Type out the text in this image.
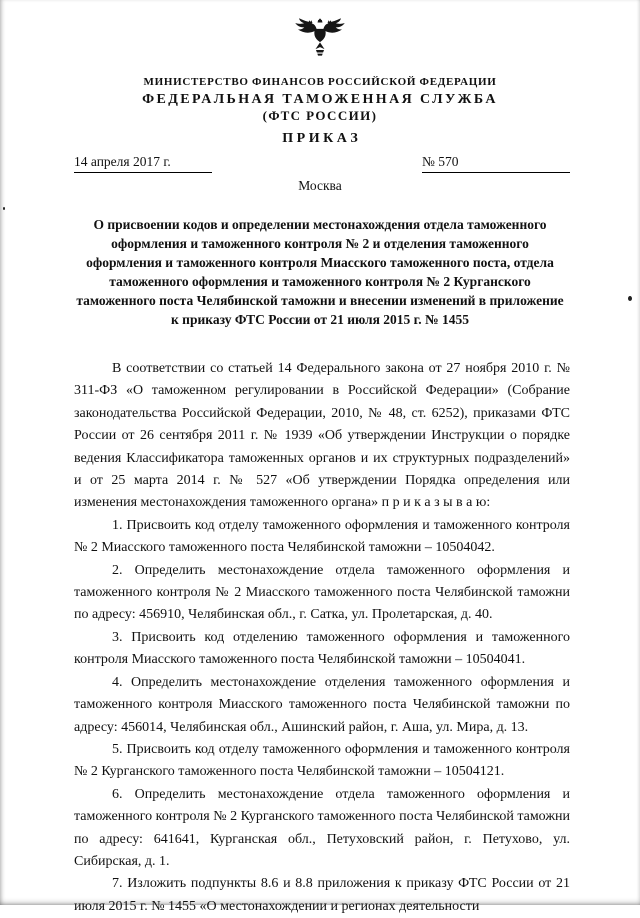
МИНИСТЕРСТВО ФИНАНСОВ РОССИЙСКОЙ ФЕДЕРАЦИИ
ФЕДЕРАЛЬНАЯ ТАМОЖЕННАЯ СЛУЖБА
(ФТС РОССИИ)
П Р И К А З
14 апреля 2017 г.	№ 570
Москва
О присвоении кодов и определении местонахождения отдела таможенного оформления и таможенного контроля № 2 и отделения таможенного оформления и таможенного контроля Миасского таможенного поста, отдела таможенного оформления и таможенного контроля № 2 Курганского таможенного поста Челябинской таможни и внесении изменений в приложение к приказу ФТС России от 21 июля 2015 г. № 1455

В соответствии со статьей 14 Федерального закона от 27 ноября 2010 г. № 311-ФЗ «О таможенном регулировании в Российской Федерации» (Собрание законодательства Российской Федерации, 2010, № 48, ст. 6252), приказами ФТС России от 26 сентября 2011 г. № 1939 «Об утверждении Инструкции о порядке ведения Классификатора таможенных органов и их структурных подразделений» и от 25 марта 2014 г. № 527 «Об утверждении Порядка определения или изменения местонахождения таможенного органа» п р и к а з ы в а ю:

1. Присвоить код отделу таможенного оформления и таможенного контроля № 2 Миасского таможенного поста Челябинской таможни – 10504042.

2. Определить местонахождение отдела таможенного оформления и таможенного контроля № 2 Миасского таможенного поста Челябинской таможни по адресу: 456910, Челябинская обл., г. Сатка, ул. Пролетарская, д. 40.

3. Присвоить код отделению таможенного оформления и таможенного контроля Миасского таможенного поста Челябинской таможни – 10504041.

4. Определить местонахождение отделения таможенного оформления и таможенного контроля Миасского таможенного поста Челябинской таможни по адресу: 456014, Челябинская обл., Ашинский район, г. Аша, ул. Мира, д. 13.

5. Присвоить код отделу таможенного оформления и таможенного контроля № 2 Курганского таможенного поста Челябинской таможни – 10504121.

6. Определить местонахождение отдела таможенного оформления и таможенного контроля № 2 Курганского таможенного поста Челябинской таможни по адресу: 641641, Курганская обл., Петуховский район, г. Петухово, ул. Сибирская, д. 1.

7. Изложить подпункты 8.6 и 8.8 приложения к приказу ФТС России от 21 июля 2015 г. № 1455 «О местонахождении и регионах деятельности
